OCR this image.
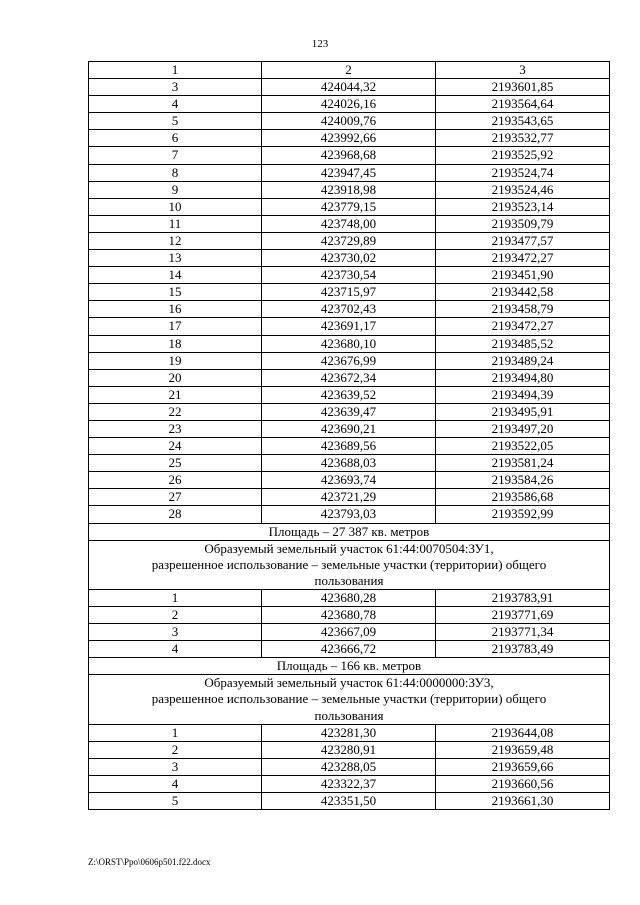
123
1	2	3
3	424044,32	2193601,85
4	424026,16	2193564,64
5	424009,76	2193543,65
6	423992,66	2193532,77
7	423968,68	2193525,92
8	423947,45	2193524,74
9	423918,98	2193524,46
10	423779,15	2193523,14
11	423748,00	2193509,79
12	423729,89	2193477,57
13	423730,02	2193472,27
14	423730,54	2193451,90
15	423715,97	2193442,58
16	423702,43	2193458,79
17	423691,17	2193472,27
18	423680,10	2193485,52
19	423676,99	2193489,24
20	423672,34	2193494,80
21	423639,52	2193494,39
22	423639,47	2193495,91
23	423690,21	2193497,20
24	423689,56	2193522,05
25	423688,03	2193581,24
26	423693,74	2193584,26
27	423721,29	2193586,68
28	423793,03	2193592,99
Площадь – 27 387 кв. метров		

Образуемый земельный участок 61:44:0070504:ЗУ1,
разрешенное использование – земельные участки (территории) общего
пользования		

1	423680,28	2193783,91
2	423680,78	2193771,69
3	423667,09	2193771,34
4	423666,72	2193783,49
Площадь – 166 кв. метров		

Образуемый земельный участок 61:44:0000000:ЗУ3,
разрешенное использование – земельные участки (территории) общего
пользования		

1	423281,30	2193644,08
2	423280,91	2193659,48
3	423288,05	2193659,66
4	423322,37	2193660,56
5	423351,50	2193661,30
Z:\ORST\Ppo\0606p501.f22.docx
